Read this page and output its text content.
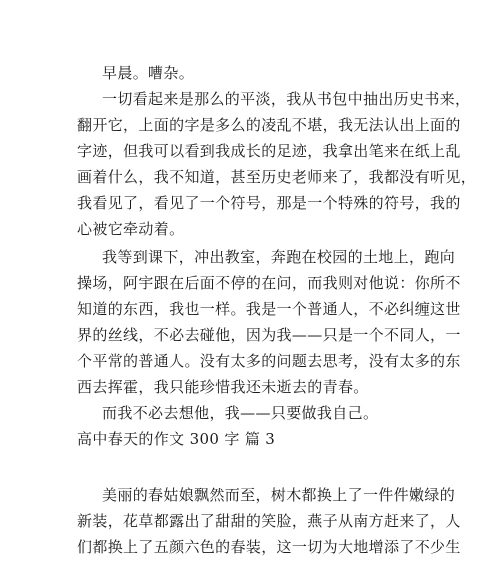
早晨。嘈杂。
一切看起来是那么的平淡，我从书包中抽出历史书来，
翻开它，上面的字是多么的凌乱不堪，我无法认出上面的
字迹，但我可以看到我成长的足迹，我拿出笔来在纸上乱
画着什么，我不知道，甚至历史老师来了，我都没有听见，
我看见了，看见了一个符号，那是一个特殊的符号，我的
心被它牵动着。
我等到课下，冲出教室，奔跑在校园的土地上，跑向
操场，阿宇跟在后面不停的在问，而我则对他说：你所不
知道的东西，我也一样。我是一个普通人，不必纠缠这世
界的丝线，不必去碰他，因为我——只是一个不同人，一
个平常的普通人。没有太多的问题去思考，没有太多的东
西去挥霍，我只能珍惜我还未逝去的青春。
而我不必去想他，我——只要做我自己。
高中春天的作文 300 字 篇 3
美丽的春姑娘飘然而至，树木都换上了一件件嫩绿的
新装，花草都露出了甜甜的笑脸，燕子从南方赶来了，人
们都换上了五颜六色的春装，这一切为大地增添了不少生
